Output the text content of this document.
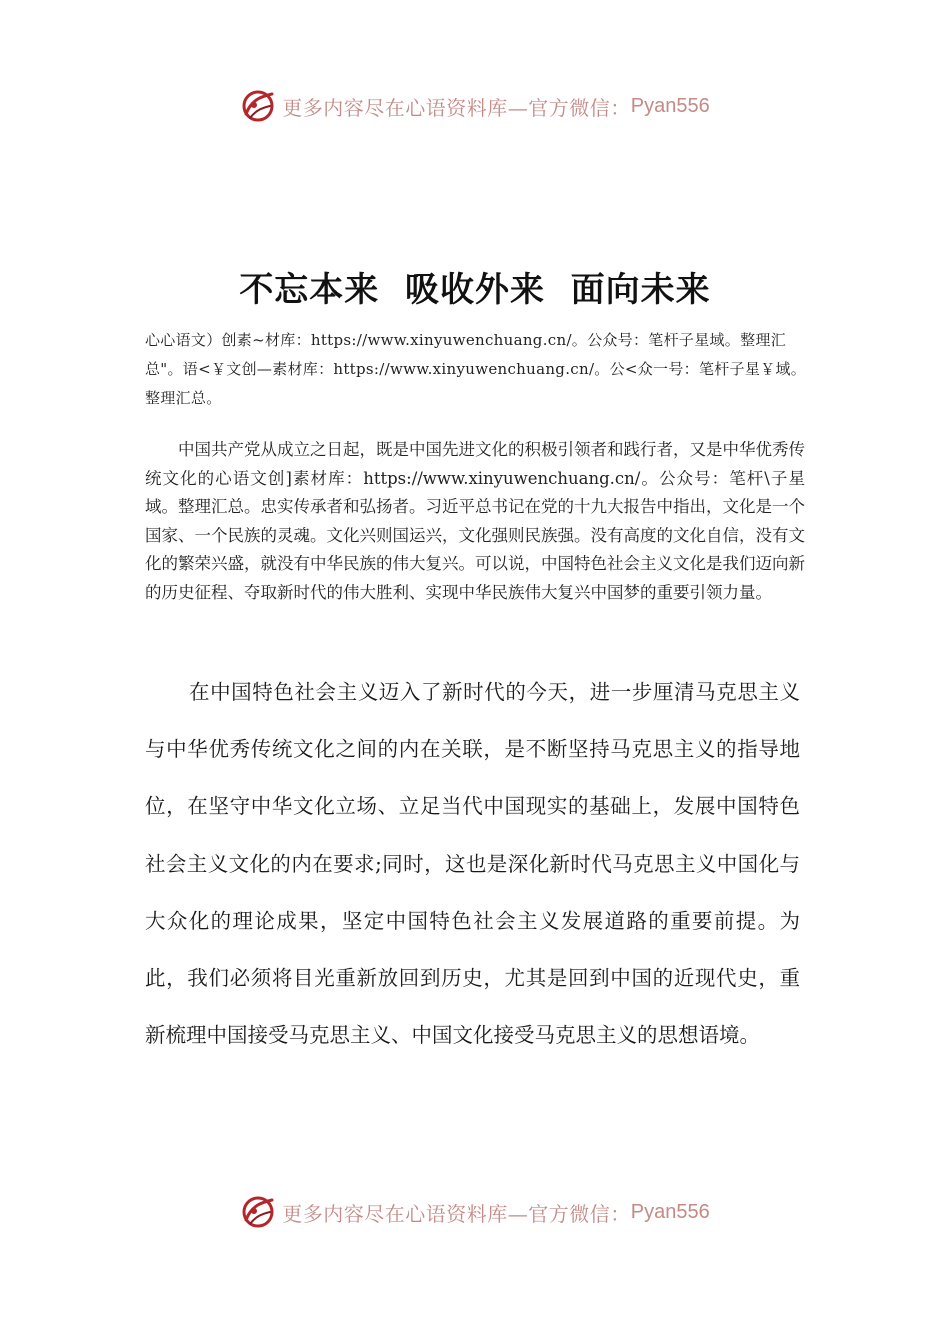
更多内容尽在心语资料库—官方微信： Pyan556
不忘本来  吸收外来  面向未来
心心语文）创素~材库：https://www.xinyuwenchuang.cn/。公众号：笔杆子星域。整理汇总"。语<￥文创—素材库：https://www.xinyuwenchuang.cn/。公<众一号：笔杆子星￥域。整理汇总。
中国共产党从成立之日起，既是中国先进文化的积极引领者和践行者，又是中华优秀传统文化的心语文创]素材库：https://www.xinyuwenchuang.cn/。公众号：笔杆\子星域。整理汇总。忠实传承者和弘扬者。习近平总书记在党的十九大报告中指出，文化是一个国家、一个民族的灵魂。文化兴则国运兴，文化强则民族强。没有高度的文化自信，没有文化的繁荣兴盛，就没有中华民族的伟大复兴。可以说，中国特色社会主义文化是我们迈向新的历史征程、夺取新时代的伟大胜利、实现中华民族伟大复兴中国梦的重要引领力量。
在中国特色社会主义迈入了新时代的今天，进一步厘清马克思主义与中华优秀传统文化之间的内在关联，是不断坚持马克思主义的指导地位，在坚守中华文化立场、立足当代中国现实的基础上，发展中国特色社会主义文化的内在要求;同时，这也是深化新时代马克思主义中国化与大众化的理论成果，坚定中国特色社会主义发展道路的重要前提。为此，我们必须将目光重新放回到历史，尤其是回到中国的近现代史，重新梳理中国接受马克思主义、中国文化接受马克思主义的思想语境。
更多内容尽在心语资料库—官方微信： Pyan556
